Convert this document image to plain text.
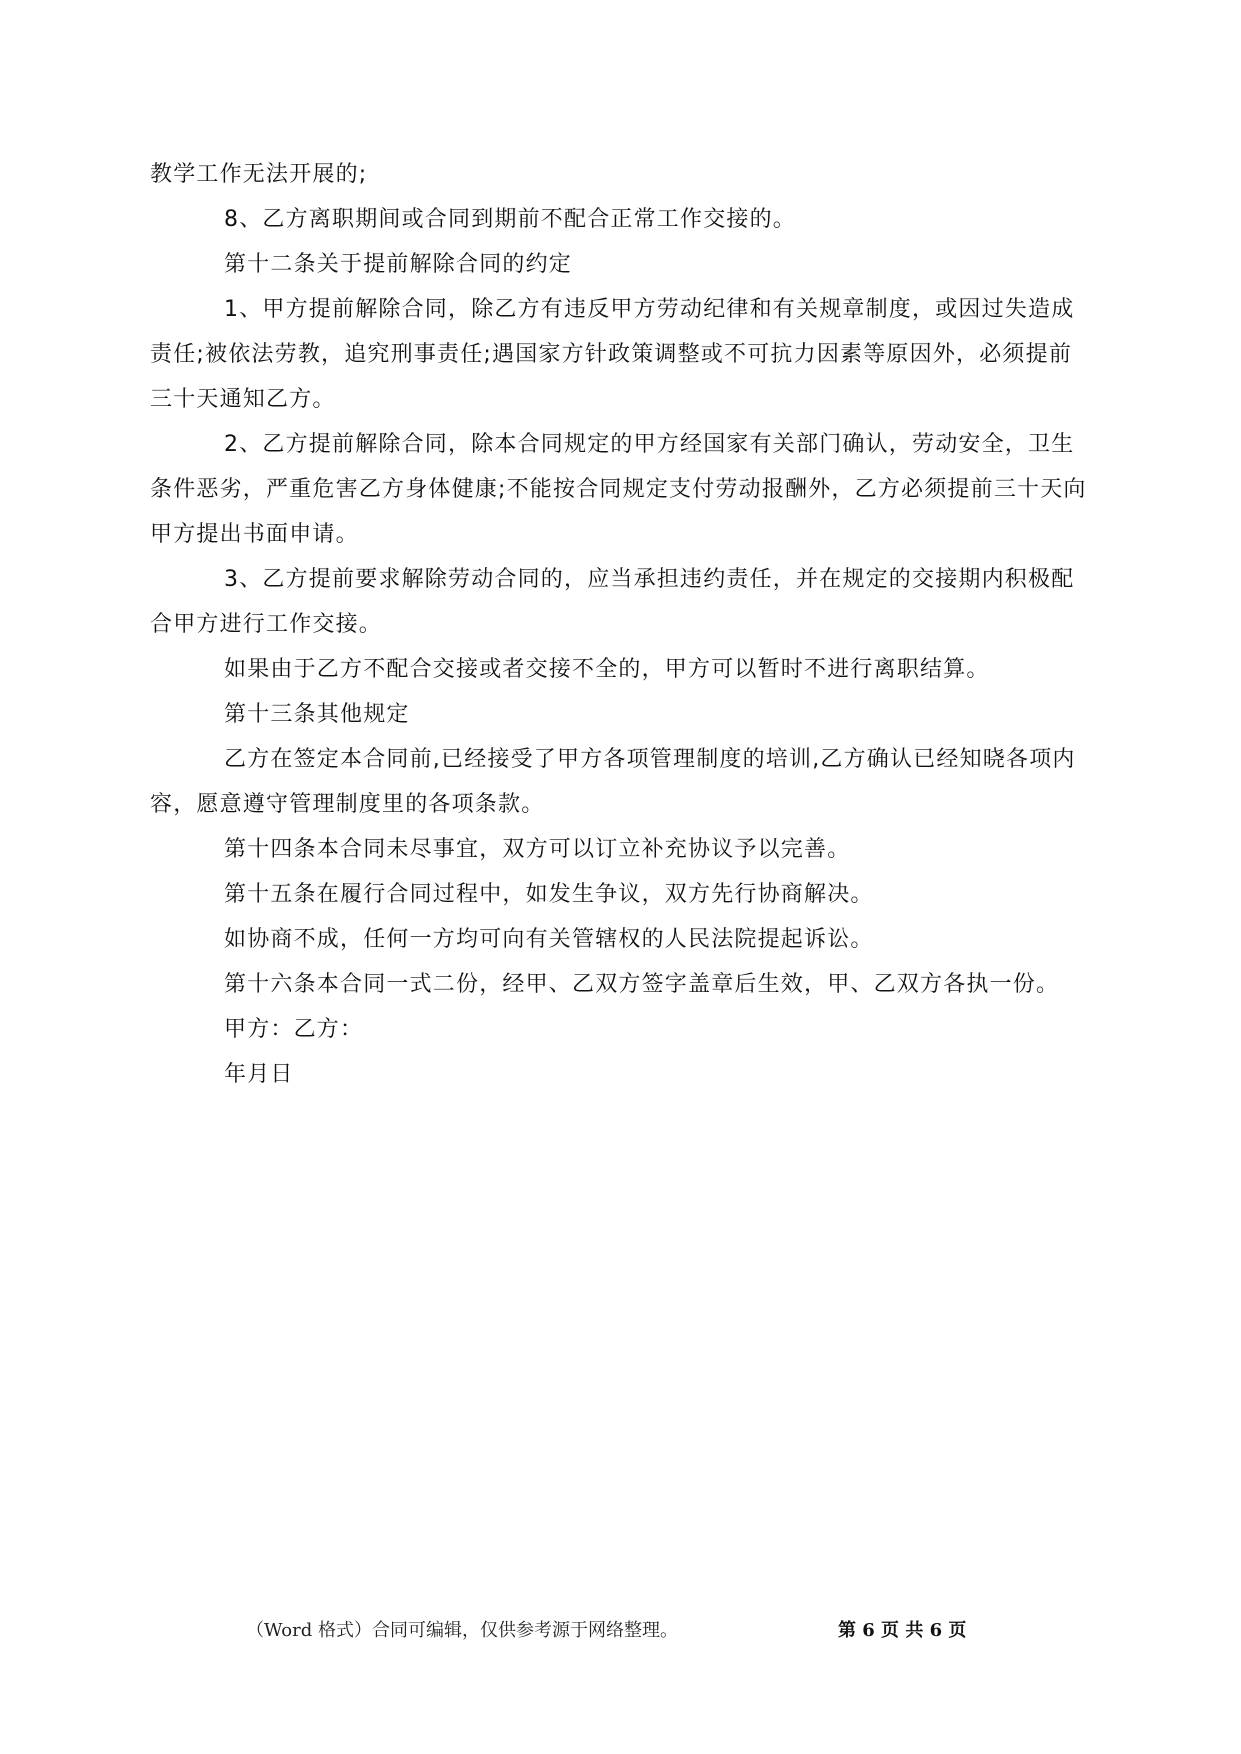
教学工作无法开展的;

8、乙方离职期间或合同到期前不配合正常工作交接的。

第十二条关于提前解除合同的约定

1、甲方提前解除合同，除乙方有违反甲方劳动纪律和有关规章制度，或因过失造成责任;被依法劳教，追究刑事责任;遇国家方针政策调整或不可抗力因素等原因外，必须提前三十天通知乙方。

2、乙方提前解除合同，除本合同规定的甲方经国家有关部门确认，劳动安全，卫生条件恶劣，严重危害乙方身体健康;不能按合同规定支付劳动报酬外，乙方必须提前三十天向甲方提出书面申请。

3、乙方提前要求解除劳动合同的，应当承担违约责任，并在规定的交接期内积极配合甲方进行工作交接。

如果由于乙方不配合交接或者交接不全的，甲方可以暂时不进行离职结算。

第十三条其他规定

乙方在签定本合同前,已经接受了甲方各项管理制度的培训,乙方确认已经知晓各项内容，愿意遵守管理制度里的各项条款。

第十四条本合同未尽事宜，双方可以订立补充协议予以完善。

第十五条在履行合同过程中，如发生争议，双方先行协商解决。

如协商不成，任何一方均可向有关管辖权的人民法院提起诉讼。

第十六条本合同一式二份，经甲、乙双方签字盖章后生效，甲、乙双方各执一份。

甲方：乙方：

年月日

（Word 格式）合同可编辑，仅供参考源于网络整理。	第 6 页 共 6 页
